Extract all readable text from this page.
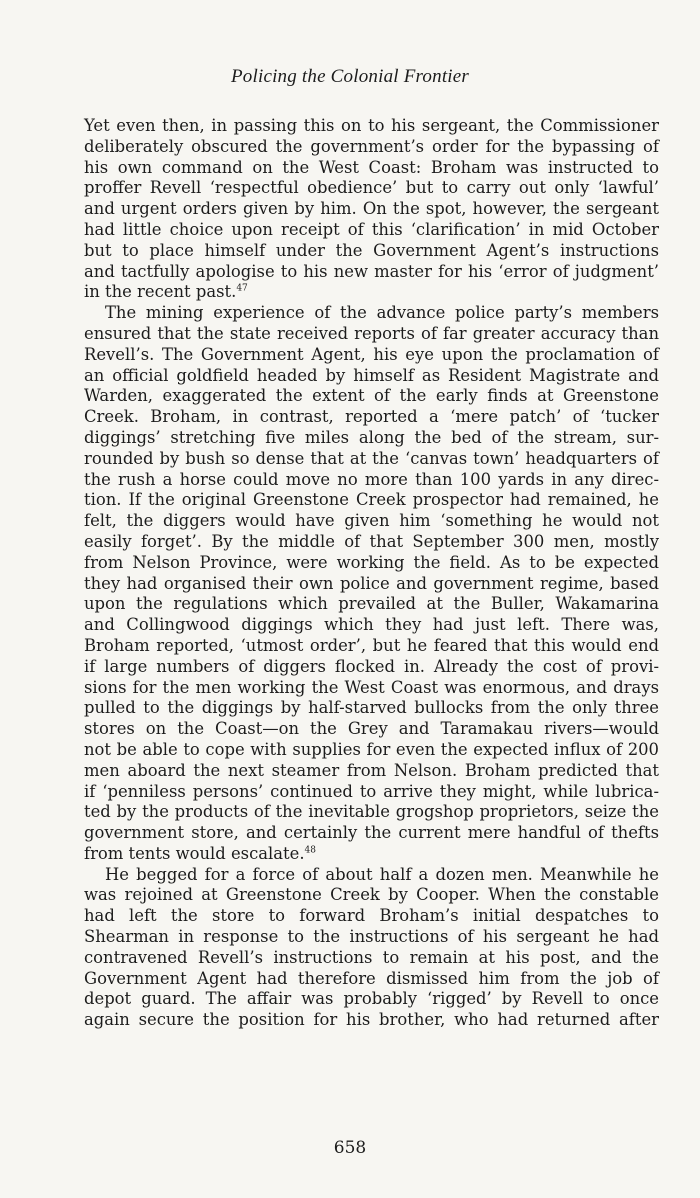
Policing the Colonial Frontier
Yet even then, in passing this on to his sergeant, the Commissioner
deliberately obscured the government’s order for the bypassing of
his own command on the West Coast: Broham was instructed to
proffer Revell ‘respectful obedience’ but to carry out only ‘lawful’
and urgent orders given by him. On the spot, however, the sergeant
had little choice upon receipt of this ‘clarification’ in mid October
but to place himself under the Government Agent’s instructions
and tactfully apologise to his new master for his ‘error of judgment’
in the recent past.$^{47}$
The mining experience of the advance police party’s members
ensured that the state received reports of far greater accuracy than
Revell’s. The Government Agent, his eye upon the proclamation of
an official goldfield headed by himself as Resident Magistrate and
Warden, exaggerated the extent of the early finds at Greenstone
Creek. Broham, in contrast, reported a ‘mere patch’ of ‘tucker
diggings’ stretching five miles along the bed of the stream, sur-
rounded by bush so dense that at the ‘canvas town’ headquarters of
the rush a horse could move no more than 100 yards in any direc-
tion. If the original Greenstone Creek prospector had remained, he
felt, the diggers would have given him ‘something he would not
easily forget’. By the middle of that September 300 men, mostly
from Nelson Province, were working the field. As to be expected
they had organised their own police and government regime, based
upon the regulations which prevailed at the Buller, Wakamarina
and Collingwood diggings which they had just left. There was,
Broham reported, ‘utmost order’, but he feared that this would end
if large numbers of diggers flocked in. Already the cost of provi-
sions for the men working the West Coast was enormous, and drays
pulled to the diggings by half-starved bullocks from the only three
stores on the Coast—on the Grey and Taramakau rivers—would
not be able to cope with supplies for even the expected influx of 200
men aboard the next steamer from Nelson. Broham predicted that
if ‘penniless persons’ continued to arrive they might, while lubrica-
ted by the products of the inevitable grogshop proprietors, seize the
government store, and certainly the current mere handful of thefts
from tents would escalate.$^{48}$
He begged for a force of about half a dozen men. Meanwhile he
was rejoined at Greenstone Creek by Cooper. When the constable
had left the store to forward Broham’s initial despatches to
Shearman in response to the instructions of his sergeant he had
contravened Revell’s instructions to remain at his post, and the
Government Agent had therefore dismissed him from the job of
depot guard. The affair was probably ‘rigged’ by Revell to once
again secure the position for his brother, who had returned after
658
